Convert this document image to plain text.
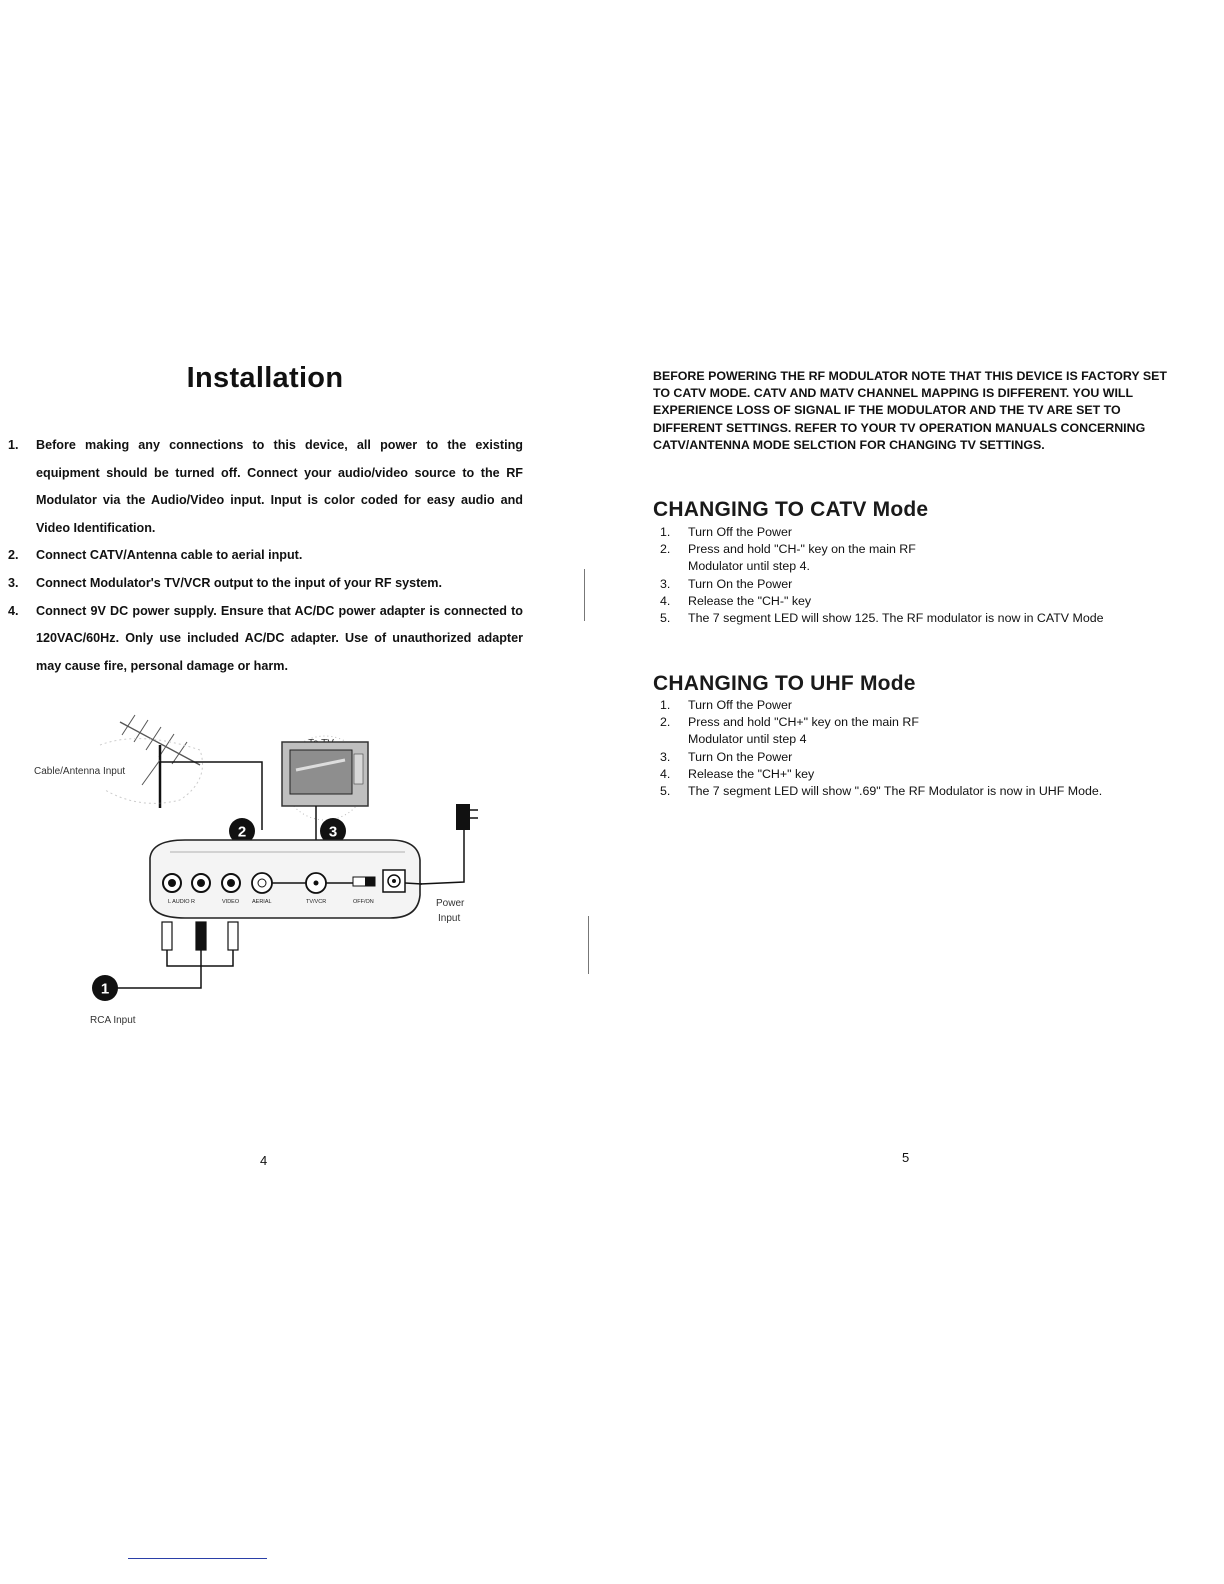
Installation
1. Before making any connections to this device, all power to the existing equipment should be turned off. Connect your audio/video source to the RF Modulator via the Audio/Video input. Input is color coded for easy audio and Video Identification.
2. Connect CATV/Antenna cable to aerial input.
3. Connect Modulator's TV/VCR output to the input of your RF system.
4. Connect 9V DC power supply. Ensure that AC/DC power adapter is connected to 120VAC/60Hz. Only use included AC/DC adapter. Use of unauthorized adapter may cause fire, personal damage or harm.
Cable/Antenna Input
2	3
Power
Input
L AUDIO R	VIDEO AERIAL	TV/VCR	OFF/ON
1
RCA Input
4
BEFORE POWERING THE RF MODULATOR NOTE THAT THIS DEVICE IS FACTORY SET TO CATV MODE. CATV AND MATV CHANNEL MAPPING IS DIFFERENT. YOU WILL EXPERIENCE LOSS OF SIGNAL IF THE MODULATOR AND THE TV ARE SET TO DIFFERENT SETTINGS. REFER TO YOUR TV OPERATION MANUALS CONCERNING CATV/ANTENNA MODE SELCTION FOR CHANGING TV SETTINGS.
CHANGING TO CATV Mode
1. Turn Off the Power
2. Press and hold "CH-" key on the main RF
Modulator until step 4.
3. Turn On the Power
4. Release the "CH-" key
5. The 7 segment LED will show 125. The RF modulator is now in CATV Mode
CHANGING TO UHF Mode
1. Turn Off the Power
2. Press and hold "CH+" key on the main RF
Modulator until step 4
3. Turn On the Power
4. Release the "CH+" key
5. The 7 segment LED will show ".69" The RF Modulator is now in UHF Mode.
5
